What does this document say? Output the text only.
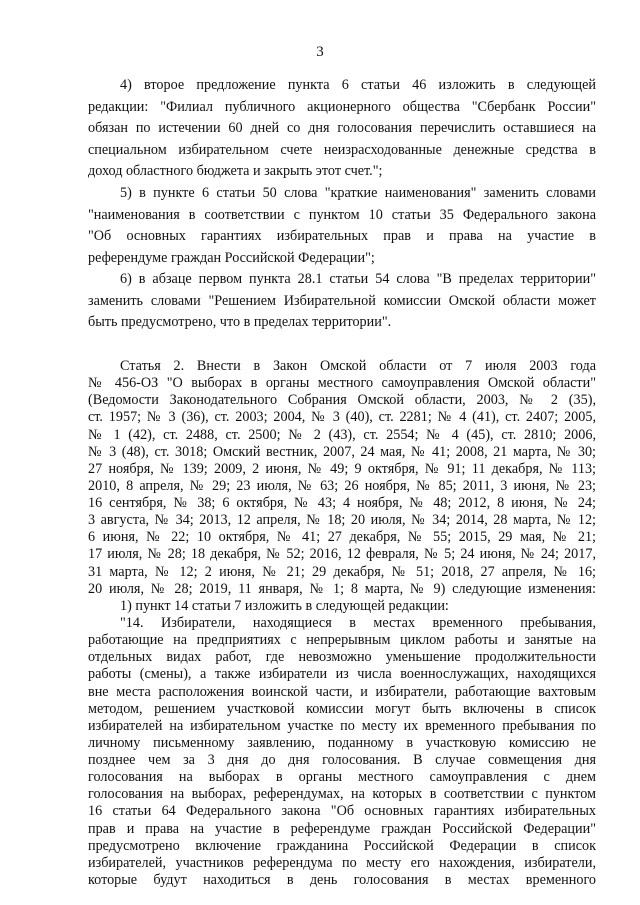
3
4) второе предложение пункта 6 статьи 46 изложить в следующей
редакции: "Филиал публичного акционерного общества "Сбербанк России"
обязан по истечении 60 дней со дня голосования перечислить оставшиеся на
специальном избирательном счете неизрасходованные денежные средства в
доход областного бюджета и закрыть этот счет.";
5) в пункте 6 статьи 50 слова "краткие наименования" заменить словами
"наименования в соответствии с пунктом 10 статьи 35 Федерального закона
"Об основных гарантиях избирательных прав и права на участие в
референдуме граждан Российской Федерации";
6) в абзаце первом пункта 28.1 статьи 54 слова "В пределах территории"
заменить словами "Решением Избирательной комиссии Омской области может
быть предусмотрено, что в пределах территории".
Статья 2. Внести в Закон Омской области от 7 июля 2003 года
№ 456-ОЗ "О выборах в органы местного самоуправления Омской области"
(Ведомости Законодательного Собрания Омской области, 2003, № 2 (35),
ст. 1957; № 3 (36), ст. 2003; 2004, № 3 (40), ст. 2281; № 4 (41), ст. 2407; 2005,
№ 1 (42), ст. 2488, ст. 2500; № 2 (43), ст. 2554; № 4 (45), ст. 2810; 2006,
№ 3 (48), ст. 3018; Омский вестник, 2007, 24 мая, № 41; 2008, 21 марта, № 30;
27 ноября, № 139; 2009, 2 июня, № 49; 9 октября, № 91; 11 декабря, № 113;
2010, 8 апреля, № 29; 23 июля, № 63; 26 ноября, № 85; 2011, 3 июня, № 23;
16 сентября, № 38; 6 октября, № 43; 4 ноября, № 48; 2012, 8 июня, № 24;
3 августа, № 34; 2013, 12 апреля, № 18; 20 июля, № 34; 2014, 28 марта, № 12;
6 июня, № 22; 10 октября, № 41; 27 декабря, № 55; 2015, 29 мая, № 21;
17 июля, № 28; 18 декабря, № 52; 2016, 12 февраля, № 5; 24 июня, № 24; 2017,
31 марта, № 12; 2 июня, № 21; 29 декабря, № 51; 2018, 27 апреля, № 16;
20 июля, № 28; 2019, 11 января, № 1; 8 марта, № 9) следующие изменения:
1) пункт 14 статьи 7 изложить в следующей редакции:
"14. Избиратели, находящиеся в местах временного пребывания,
работающие на предприятиях с непрерывным циклом работы и занятые на
отдельных видах работ, где невозможно уменьшение продолжительности
работы (смены), а также избиратели из числа военнослужащих, находящихся
вне места расположения воинской части, и избиратели, работающие вахтовым
методом, решением участковой комиссии могут быть включены в список
избирателей на избирательном участке по месту их временного пребывания по
личному письменному заявлению, поданному в участковую комиссию не
позднее чем за 3 дня до дня голосования. В случае совмещения дня
голосования на выборах в органы местного самоуправления с днем
голосования на выборах, референдумах, на которых в соответствии с пунктом
16 статьи 64 Федерального закона "Об основных гарантиях избирательных
прав и права на участие в референдуме граждан Российской Федерации"
предусмотрено включение гражданина Российской Федерации в список
избирателей, участников референдума по месту его нахождения, избиратели,
которые будут находиться в день голосования в местах временного
